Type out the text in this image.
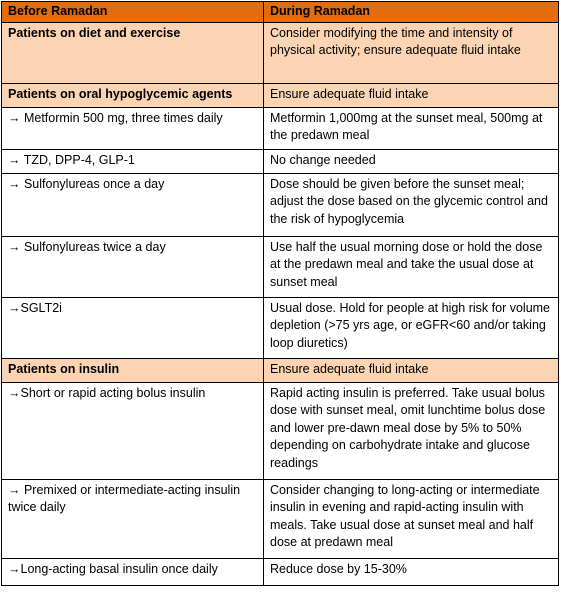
Before Ramadan	During Ramadan
Patients on diet and exercise	Consider modifying the time and intensity of physical activity; ensure adequate fluid intake
Patients on oral hypoglycemic agents	Ensure adequate fluid intake
→ Metformin 500 mg, three times daily	Metformin 1,000mg at the sunset meal, 500mg at the predawn meal
→ TZD, DPP-4, GLP-1	No change needed
→ Sulfonylureas once a day	Dose should be given before the sunset meal; adjust the dose based on the glycemic control and the risk of hypoglycemia
→ Sulfonylureas twice a day	Use half the usual morning dose or hold the dose at the predawn meal and take the usual dose at sunset meal
→SGLT2i	Usual dose. Hold for people at high risk for volume depletion (>75 yrs age, or eGFR<60 and/or taking loop diuretics)
Patients on insulin	Ensure adequate fluid intake
→Short or rapid acting bolus insulin	Rapid acting insulin is preferred. Take usual bolus dose with sunset meal, omit lunchtime bolus dose and lower pre-dawn meal dose by 5% to 50% depending on carbohydrate intake and glucose readings
→ Premixed or intermediate-acting insulin twice daily	Consider changing to long-acting or intermediate insulin in evening and rapid-acting insulin with meals. Take usual dose at sunset meal and half dose at predawn meal
→Long-acting basal insulin once daily	Reduce dose by 15-30%
